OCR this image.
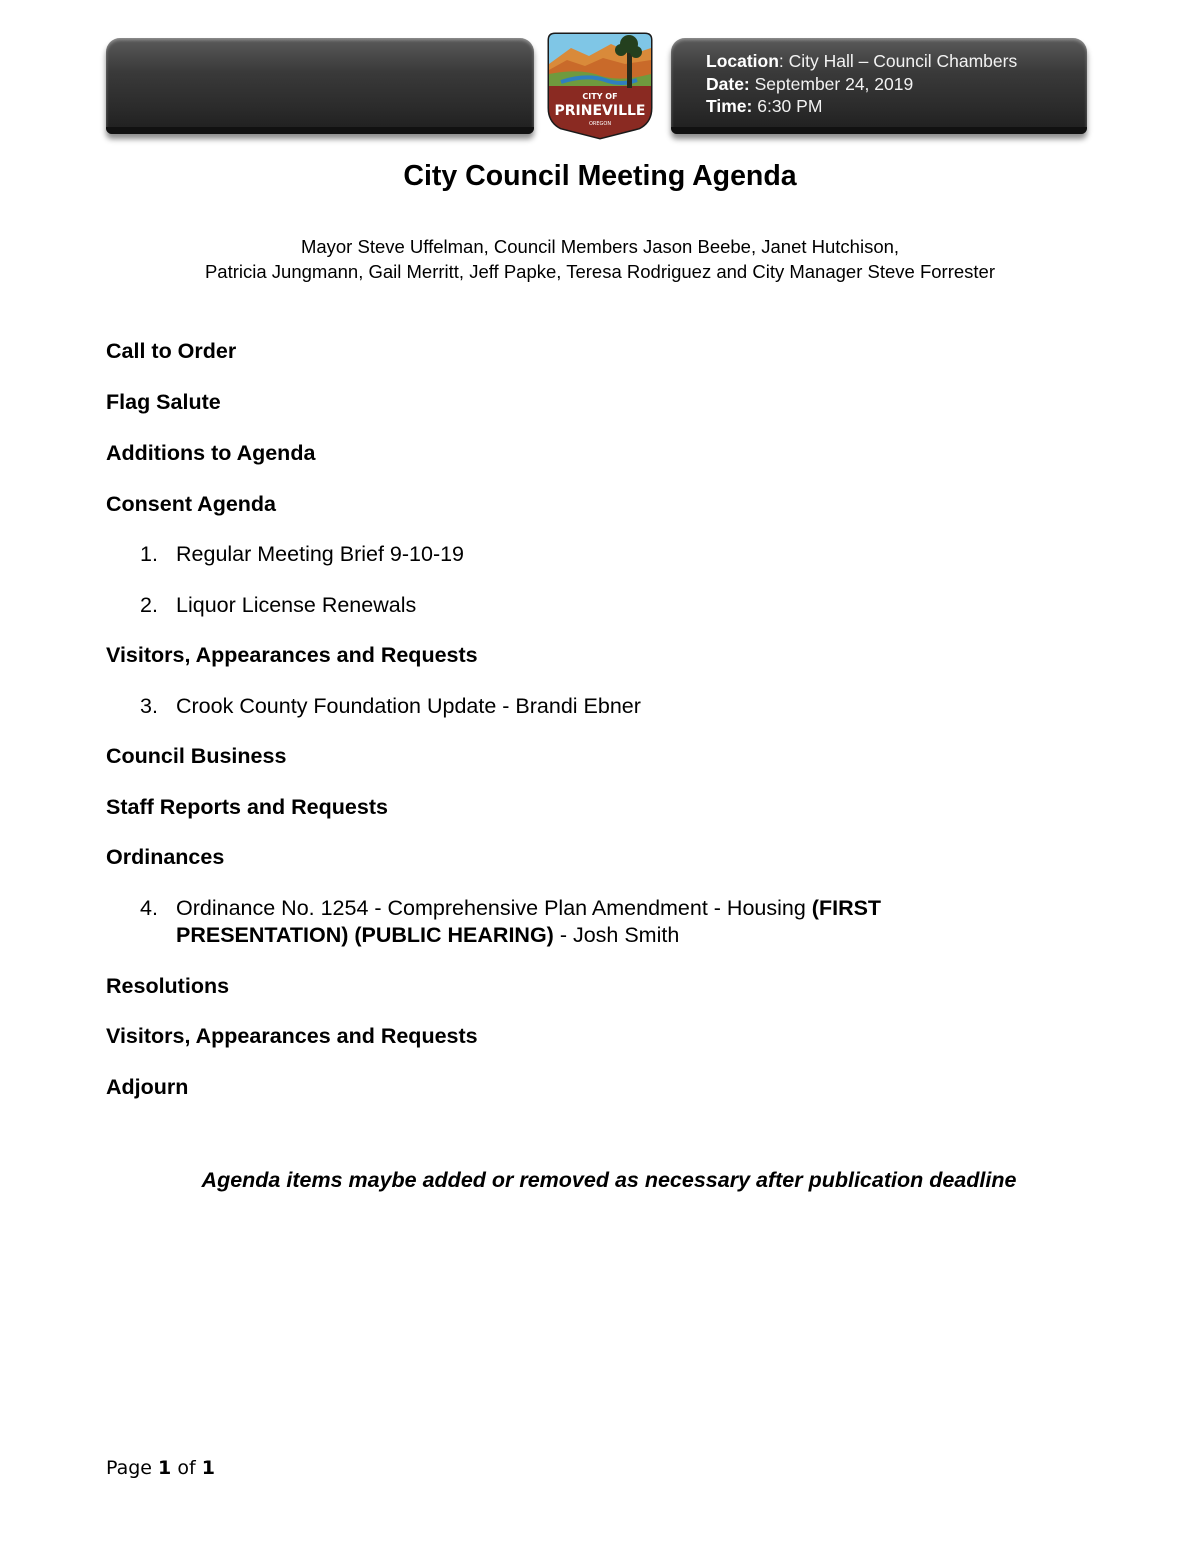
Location: City Hall – Council Chambers
Date: September 24, 2019
Time: 6:30 PM
CITY OF
PRINEVILLE
OREGON
City Council Meeting Agenda
Mayor Steve Uffelman, Council Members Jason Beebe, Janet Hutchison,
Patricia Jungmann, Gail Merritt, Jeff Papke, Teresa Rodriguez and City Manager Steve Forrester
Call to Order
Flag Salute
Additions to Agenda
Consent Agenda
1. Regular Meeting Brief 9-10-19
2. Liquor License Renewals
Visitors, Appearances and Requests
3. Crook County Foundation Update - Brandi Ebner
Council Business
Staff Reports and Requests
Ordinances
4. Ordinance No. 1254 - Comprehensive Plan Amendment - Housing (FIRST
PRESENTATION) (PUBLIC HEARING) - Josh Smith
Resolutions
Visitors, Appearances and Requests
Adjourn
Agenda items maybe added or removed as necessary after publication deadline
Page 1 of 1
